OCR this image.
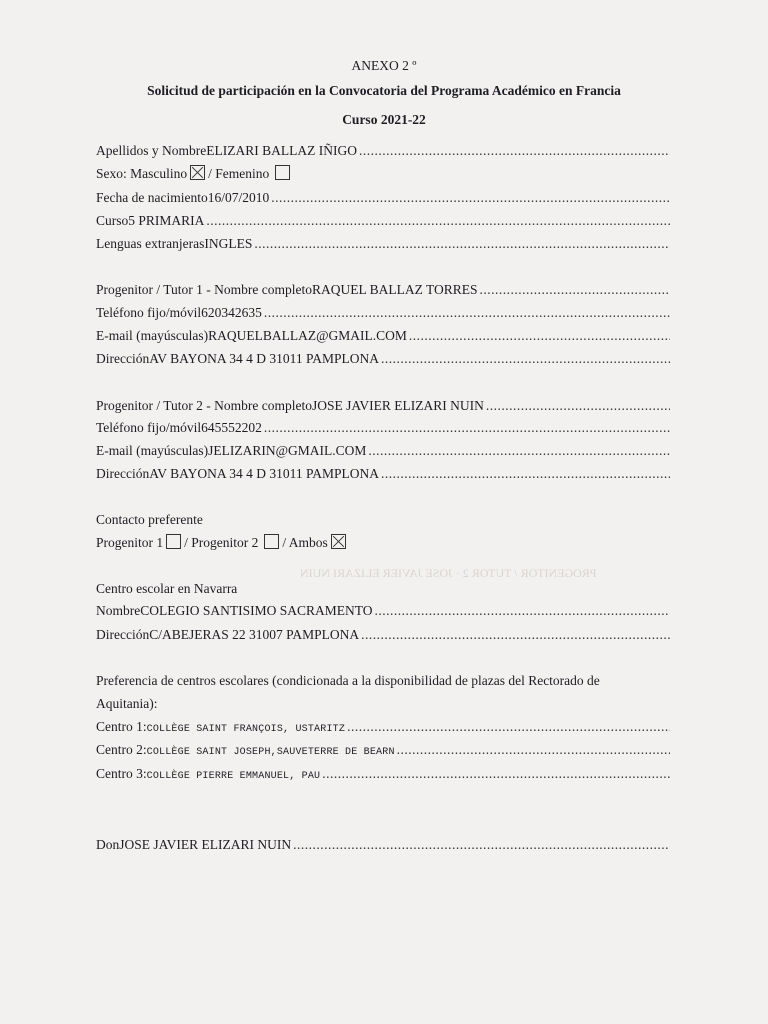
PROGENITOR / TUTOR 2 · JOSE JAVIER ELIZARI NUIN
ANEXO 2 º
Solicitud de participación en la Convocatoria del Programa Académico en Francia
Curso 2021-22
Apellidos y Nombre ELIZARI BALLAZ IÑIGO
.....
Sexo: Masculino / Femenino
Fecha de nacimiento 16/07/2010
.....
Curso 5 PRIMARIA
.....
Lenguas extranjeras INGLES
.....
Progenitor / Tutor 1 - Nombre completo RAQUEL BALLAZ TORRES
.....
Teléfono fijo/móvil 620342635
.....
E-mail (mayúsculas) RAQUELBALLAZ@GMAIL.COM
.....
Dirección AV BAYONA 34 4 D 31011 PAMPLONA
.....
Progenitor / Tutor 2 - Nombre completo JOSE JAVIER ELIZARI NUIN
.....
Teléfono fijo/móvil 645552202
.....
E-mail (mayúsculas) JELIZARIN@GMAIL.COM
.....
Dirección AV BAYONA 34 4 D 31011 PAMPLONA
.....
Contacto preferente
Progenitor 1 / Progenitor 2 / Ambos
Centro escolar en Navarra
Nombre COLEGIO SANTISIMO SACRAMENTO
.....
Dirección C/ABEJERAS 22 31007 PAMPLONA
.....
Preferencia de centros escolares (condicionada a la disponibilidad de plazas del Rectorado de
Aquitania):
Centro 1: COLLÈGE SAINT FRANÇOIS, USTARITZ
.....
Centro 2: COLLÈGE SAINT JOSEPH,SAUVETERRE DE BEARN
.....
Centro 3: COLLÈGE PIERRE EMMANUEL, PAU
.....
Don JOSE JAVIER ELIZARI NUIN
.....
